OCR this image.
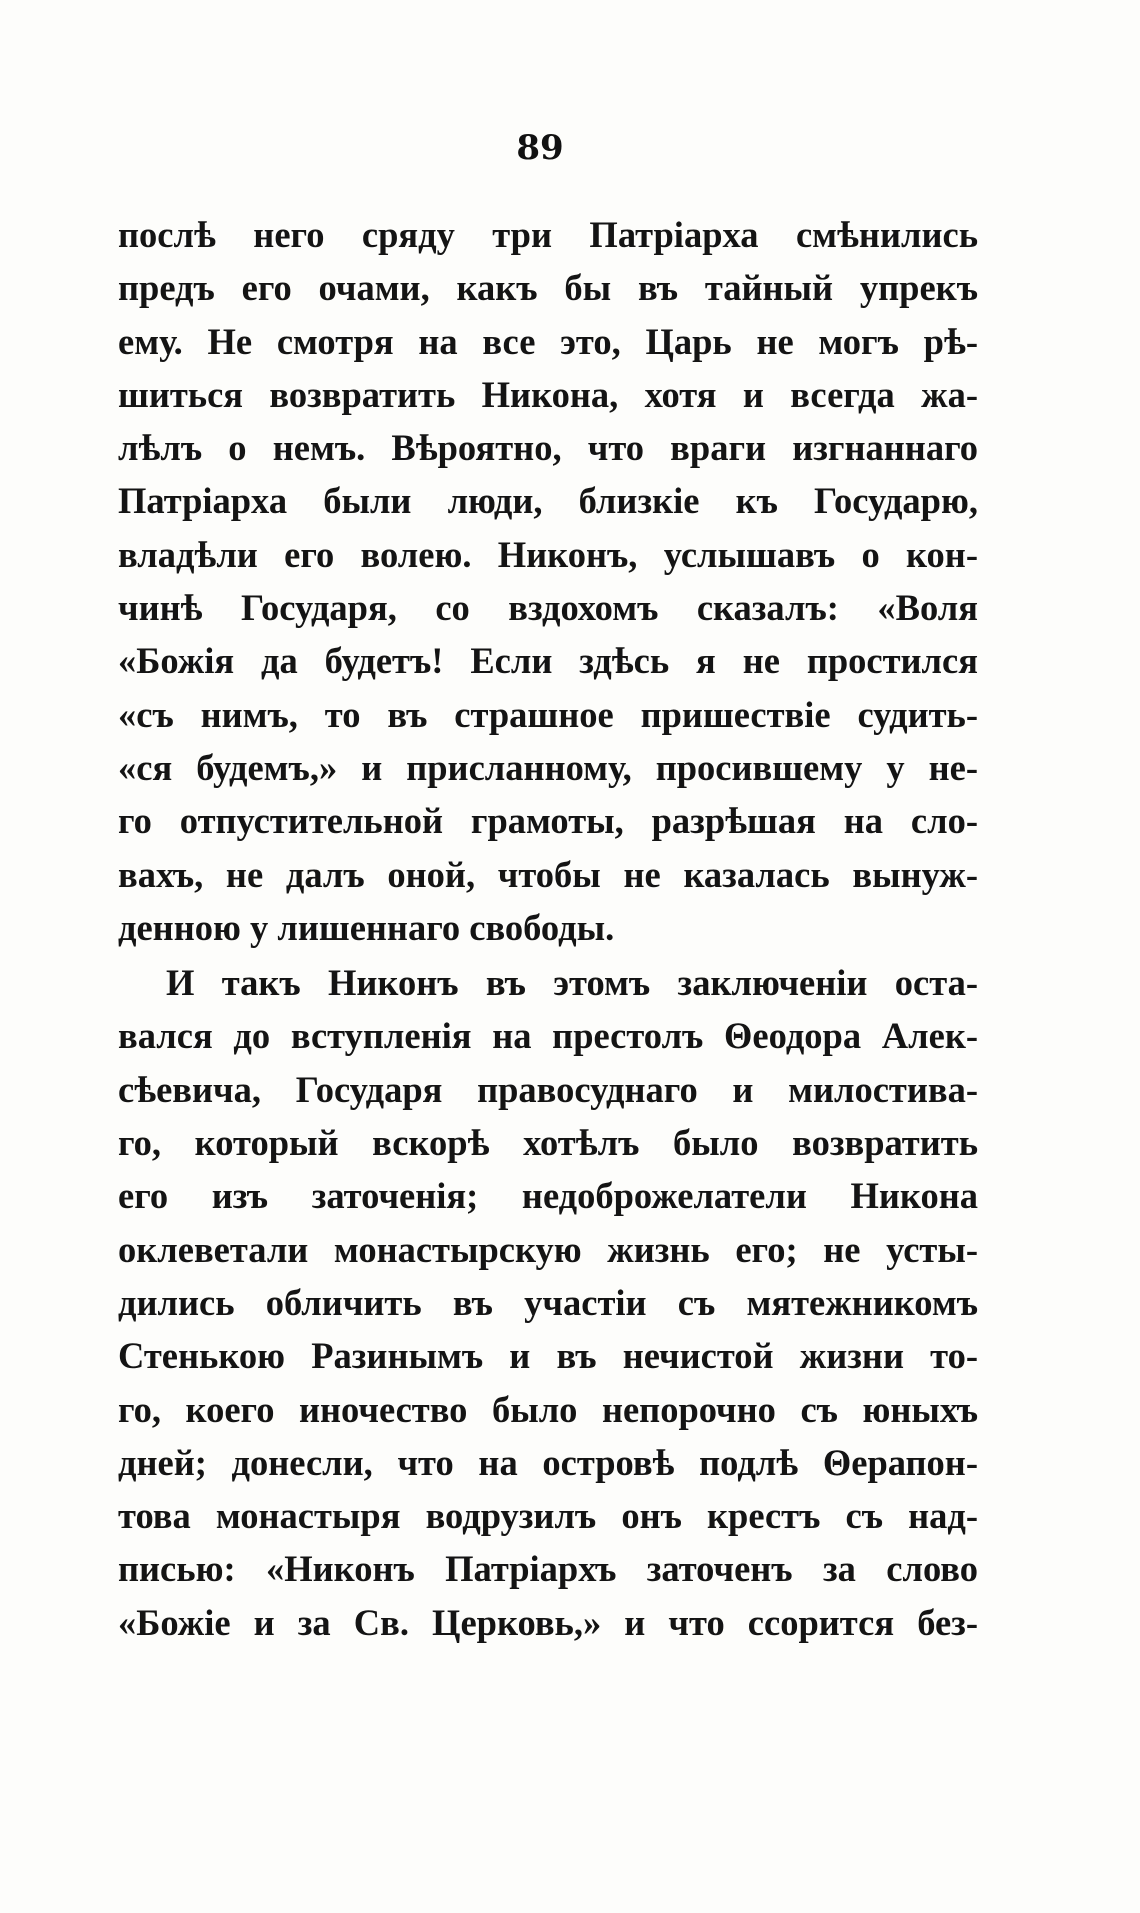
89
послѣ него сряду три Патріарха смѣнились
предъ его очами, какъ бы въ тайный упрекъ
ему. Не смотря на все это, Царь не могъ рѣ-
шиться возвратить Никона, хотя и всегда жа-
лѣлъ о немъ. Вѣроятно, что враги изгнаннаго
Патріарха были люди, близкіе къ Государю,
владѣли его волею. Никонъ, услышавъ о кон-
чинѣ Государя, со вздохомъ сказалъ: «Воля
«Божія да будетъ! Если здѣсь я не простился
«съ нимъ, то въ страшное пришествіе судить-
«ся будемъ,» и присланному, просившему у не-
го отпустительной грамоты, разрѣшая на сло-
вахъ, не далъ оной, чтобы не казалась вынуж-
денною у лишеннаго свободы.
И такъ Никонъ въ этомъ заключеніи оста-
вался до вступленія на престолъ Θеодора Алек-
сѣевича, Государя правосуднаго и милостива-
го, который вскорѣ хотѣлъ было возвратить
его изъ заточенія; недоброжелатели Никона
оклеветали монастырскую жизнь его; не усты-
дились обличить въ участіи съ мятежникомъ
Стенькою Разинымъ и въ нечистой жизни то-
го, коего иночество было непорочно съ юныхъ
дней; донесли, что на островѣ подлѣ Θерапон-
това монастыря водрузилъ онъ крестъ съ над-
писью: «Никонъ Патріархъ заточенъ за слово
«Божіе и за Св. Церковь,» и что ссорится без-
